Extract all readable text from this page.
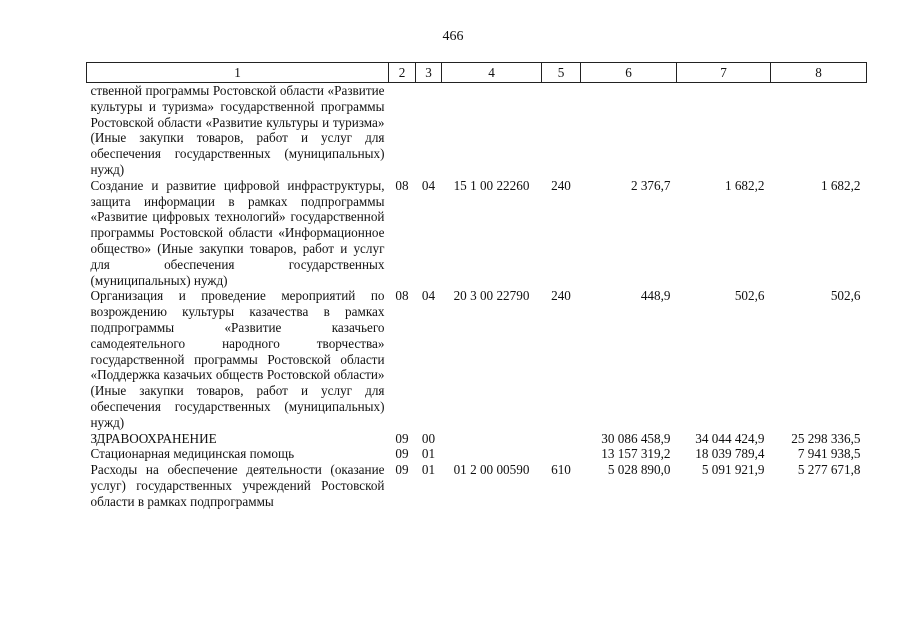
466
1	2	3	4	5	6	7	8
ственной программы Ростовской области «Развитие культуры и туризма» государственной программы Ростовской области «Развитие культуры и туризма» (Иные закупки товаров, работ и услуг для обеспечения государственных (муниципальных) нужд)							
Создание и развитие цифровой инфраструктуры, защита информации в рамках подпрограммы «Развитие цифровых технологий» государственной программы Ростовской области «Информационное общество» (Иные закупки товаров, работ и услуг для обеспечения государственных (муниципальных) нужд)	08	04	15 1 00 22260	240	2 376,7	1 682,2	1 682,2
Организация и проведение мероприятий по возрождению культуры казачества в рамках подпрограммы «Развитие казачьего самодеятельного народного творчества» государственной программы Ростовской области «Поддержка казачьих обществ Ростовской области» (Иные закупки товаров, работ и услуг для обеспечения государственных (муниципальных) нужд)	08	04	20 3 00 22790	240	448,9	502,6	502,6
ЗДРАВООХРАНЕНИЕ	09	00			30 086 458,9	34 044 424,9	25 298 336,5
Стационарная медицинская помощь	09	01			13 157 319,2	18 039 789,4	7 941 938,5
Расходы на обеспечение деятельности (оказание услуг) государственных учреждений Ростовской области в рамках подпрограммы	09	01	01 2 00 00590	610	5 028 890,0	5 091 921,9	5 277 671,8
